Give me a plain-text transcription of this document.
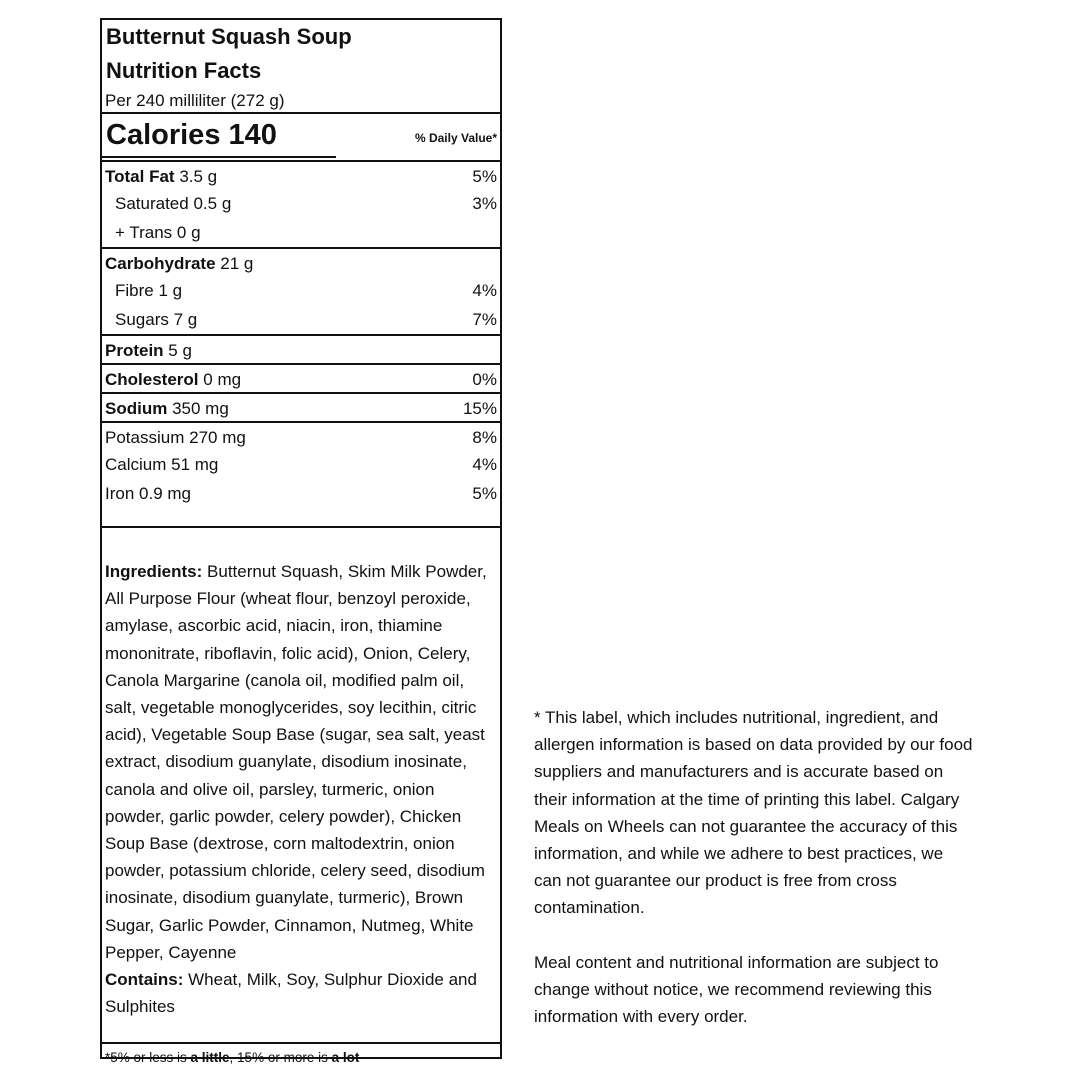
Butternut Squash Soup
Nutrition Facts
Per 240 milliliter (272 g)
Calories 140	% Daily Value*
Total Fat 3.5 g	5%
Saturated 0.5 g	3%
+ Trans 0 g
Carbohydrate 21 g
Fibre 1 g	4%
Sugars 7 g	7%
Protein 5 g
Cholesterol 0 mg	0%
Sodium 350 mg	15%
Potassium 270 mg	8%
Calcium 51 mg	4%
Iron 0.9 mg	5%

Ingredients: Butternut Squash, Skim Milk Powder, All Purpose Flour (wheat flour, benzoyl peroxide, amylase, ascorbic acid, niacin, iron, thiamine mononitrate, riboflavin, folic acid), Onion, Celery, Canola Margarine (canola oil, modified palm oil, salt, vegetable monoglycerides, soy lecithin, citric acid), Vegetable Soup Base (sugar, sea salt, yeast extract, disodium guanylate, disodium inosinate, canola and olive oil, parsley, turmeric, onion powder, garlic powder, celery powder), Chicken Soup Base (dextrose, corn maltodextrin, onion powder, potassium chloride, celery seed, disodium inosinate, disodium guanylate, turmeric), Brown Sugar, Garlic Powder, Cinnamon, Nutmeg, White Pepper, Cayenne

Contains: Wheat, Milk, Soy, Sulphur Dioxide and Sulphites

*5% or less is a little, 15% or more is a lot

* This label, which includes nutritional, ingredient, and allergen information is based on data provided by our food suppliers and manufacturers and is accurate based on their information at the time of printing this label. Calgary Meals on Wheels can not guarantee the accuracy of this information, and while we adhere to best practices, we can not guarantee our product is free from cross contamination.

Meal content and nutritional information are subject to change without notice, we recommend reviewing this information with every order.
